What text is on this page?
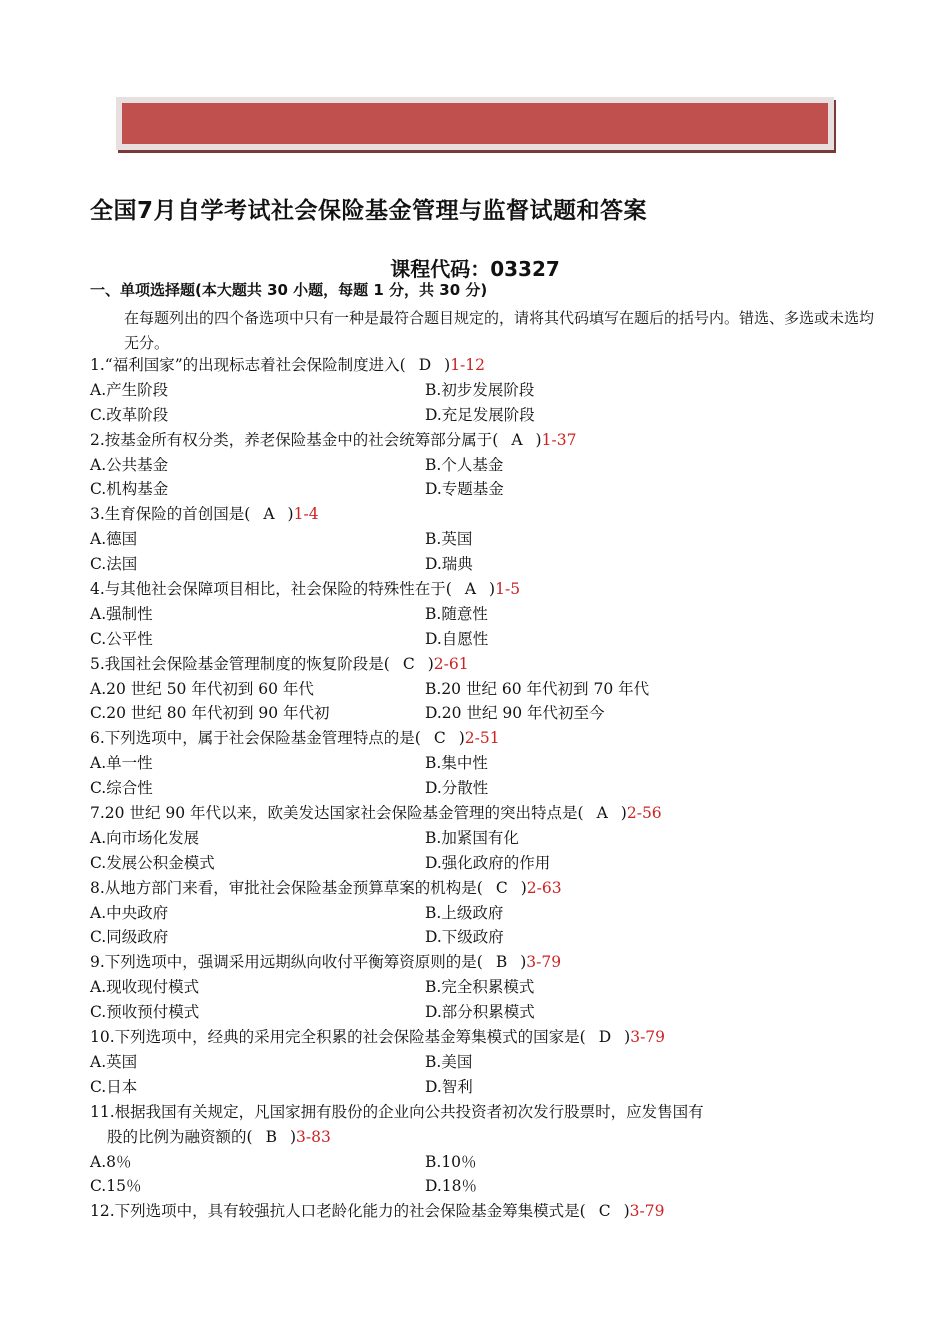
全国7月自学考试社会保险基金管理与监督试题和答案
课程代码：03327
一、单项选择题(本大题共 30 小题，每题 1 分，共 30 分)
在每题列出的四个备选项中只有一种是最符合题目规定的，请将其代码填写在题后的括号内。错选、多选或未选均无分。
1.“福利国家”的出现标志着社会保险制度进入( D )1-12
A.产生阶段	B.初步发展阶段
C.改革阶段	D.充足发展阶段
2.按基金所有权分类，养老保险基金中的社会统筹部分属于( A )1-37
A.公共基金	B.个人基金
C.机构基金	D.专题基金
3.生育保险的首创国是( A )1-4
A.德国	B.英国
C.法国	D.瑞典
4.与其他社会保障项目相比，社会保险的特殊性在于( A )1-5
A.强制性	B.随意性
C.公平性	D.自愿性
5.我国社会保险基金管理制度的恢复阶段是( C )2-61
A.20 世纪 50 年代初到 60 年代	B.20 世纪 60 年代初到 70 年代
C.20 世纪 80 年代初到 90 年代初	D.20 世纪 90 年代初至今
6.下列选项中，属于社会保险基金管理特点的是( C )2-51
A.单一性	B.集中性
C.综合性	D.分散性
7.20 世纪 90 年代以来，欧美发达国家社会保险基金管理的突出特点是( A )2-56
A.向市场化发展	B.加紧国有化
C.发展公积金模式	D.强化政府的作用
8.从地方部门来看，审批社会保险基金预算草案的机构是( C )2-63
A.中央政府	B.上级政府
C.同级政府	D.下级政府
9.下列选项中，强调采用远期纵向收付平衡筹资原则的是( B )3-79
A.现收现付模式	B.完全积累模式
C.预收预付模式	D.部分积累模式
10.下列选项中，经典的采用完全积累的社会保险基金筹集模式的国家是( D )3-79
A.英国	B.美国
C.日本	D.智利
11.根据我国有关规定，凡国家拥有股份的企业向公共投资者初次发行股票时，应发售国有
股的比例为融资额的( B )3-83
A.8％	B.10％
C.15％	D.18％
12.下列选项中，具有较强抗人口老龄化能力的社会保险基金筹集模式是( C )3-79
